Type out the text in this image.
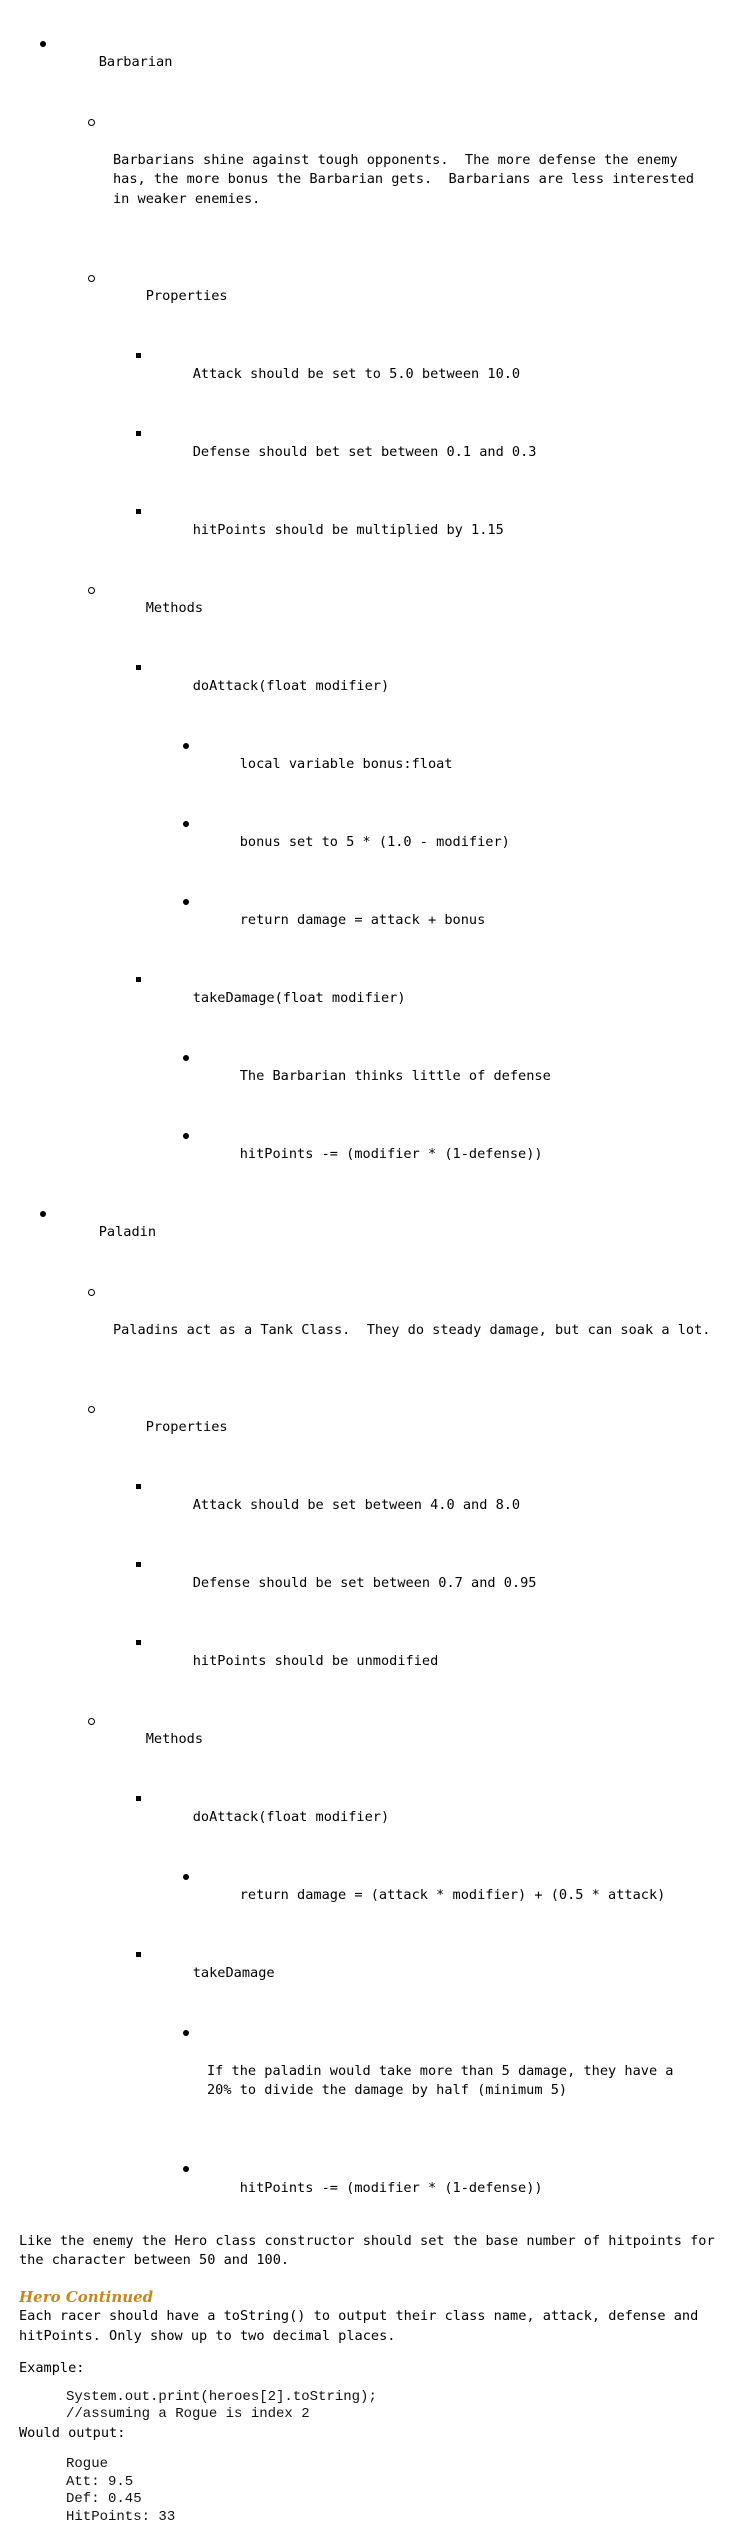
Barbarian

Barbarians shine against tough opponents.  The more defense the enemy has, the more bonus the Barbarian gets.  Barbarians are less interested in weaker enemies.

Properties

Attack should be set to 5.0 between 10.0

Defense should bet set between 0.1 and 0.3

hitPoints should be multiplied by 1.15

Methods

doAttack(float modifier)

local variable bonus:float

bonus set to 5 * (1.0 - modifier)

return damage = attack + bonus

takeDamage(float modifier)

The Barbarian thinks little of defense

hitPoints -= (modifier * (1-defense))

Paladin

Paladins act as a Tank Class.  They do steady damage, but can soak a lot.

Properties

Attack should be set between 4.0 and 8.0

Defense should be set between 0.7 and 0.95

hitPoints should be unmodified

Methods

doAttack(float modifier)

return damage = (attack * modifier) + (0.5 * attack)

takeDamage

If the paladin would take more than 5 damage, they have a 20% to divide the damage by half (minimum 5)

hitPoints -= (modifier * (1-defense))

Like the enemy the Hero class constructor should set the base number of hitpoints for the character between 50 and 100.
Hero Continued
Each racer should have a toString() to output their class name, attack, defense and hitPoints. Only show up to two decimal places.
Example:
System.out.print(heroes[2].toString);
//assuming a Rogue is index 2
Would output:
Rogue
Att: 9.5
Def: 0.45
HitPoints: 33
